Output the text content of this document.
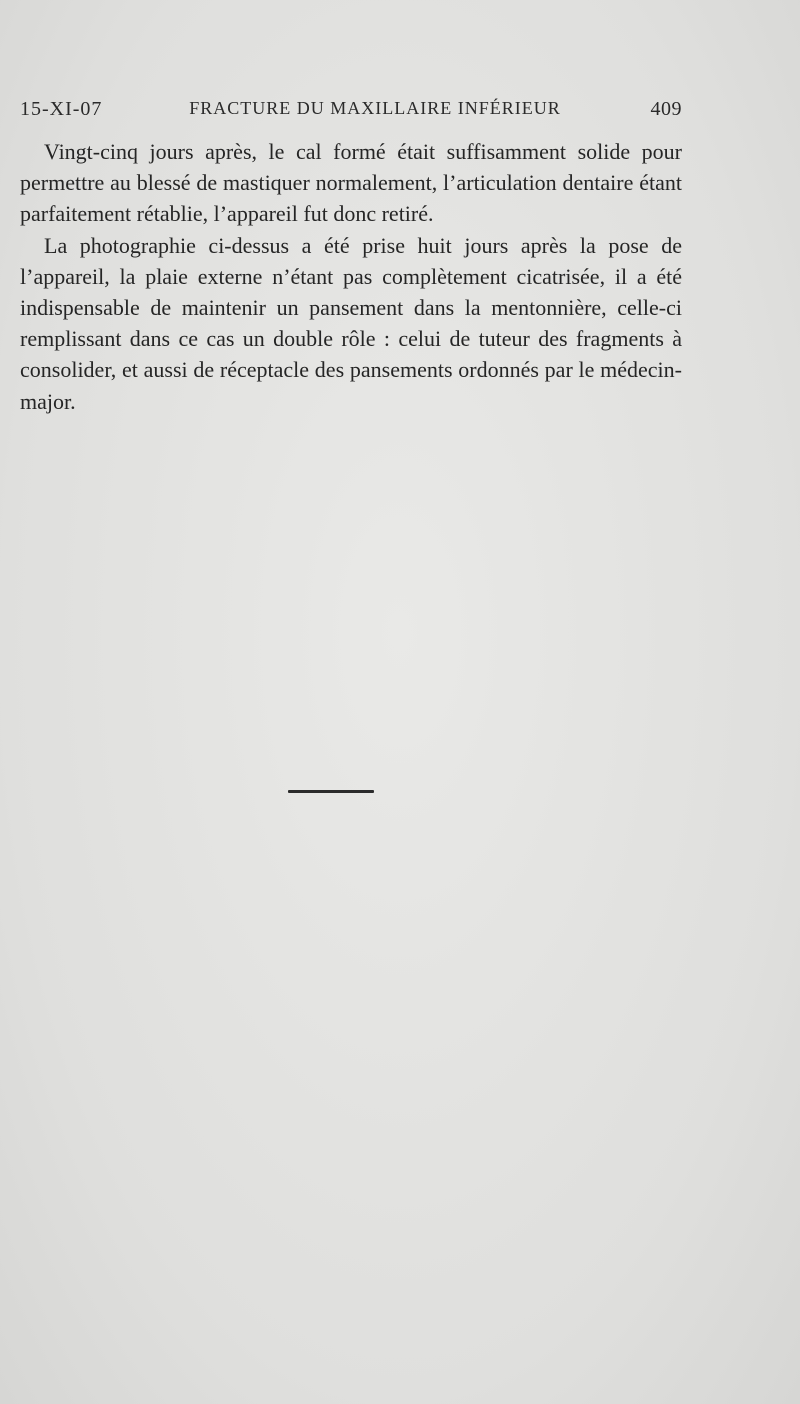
15-XI-07	FRACTURE DU MAXILLAIRE INFÉRIEUR	409

Vingt-cinq jours après, le cal formé était suffisamment solide pour permettre au blessé de mastiquer normalement, l’articulation dentaire étant parfaitement rétablie, l’appareil fut donc retiré.

La photographie ci-dessus a été prise huit jours après la pose de l’appareil, la plaie externe n’étant pas complètement cicatrisée, il a été indispensable de maintenir un pansement dans la mentonnière, celle-ci remplissant dans ce cas un double rôle : celui de tuteur des fragments à consolider, et aussi de réceptacle des pansements ordonnés par le médecin-major.
